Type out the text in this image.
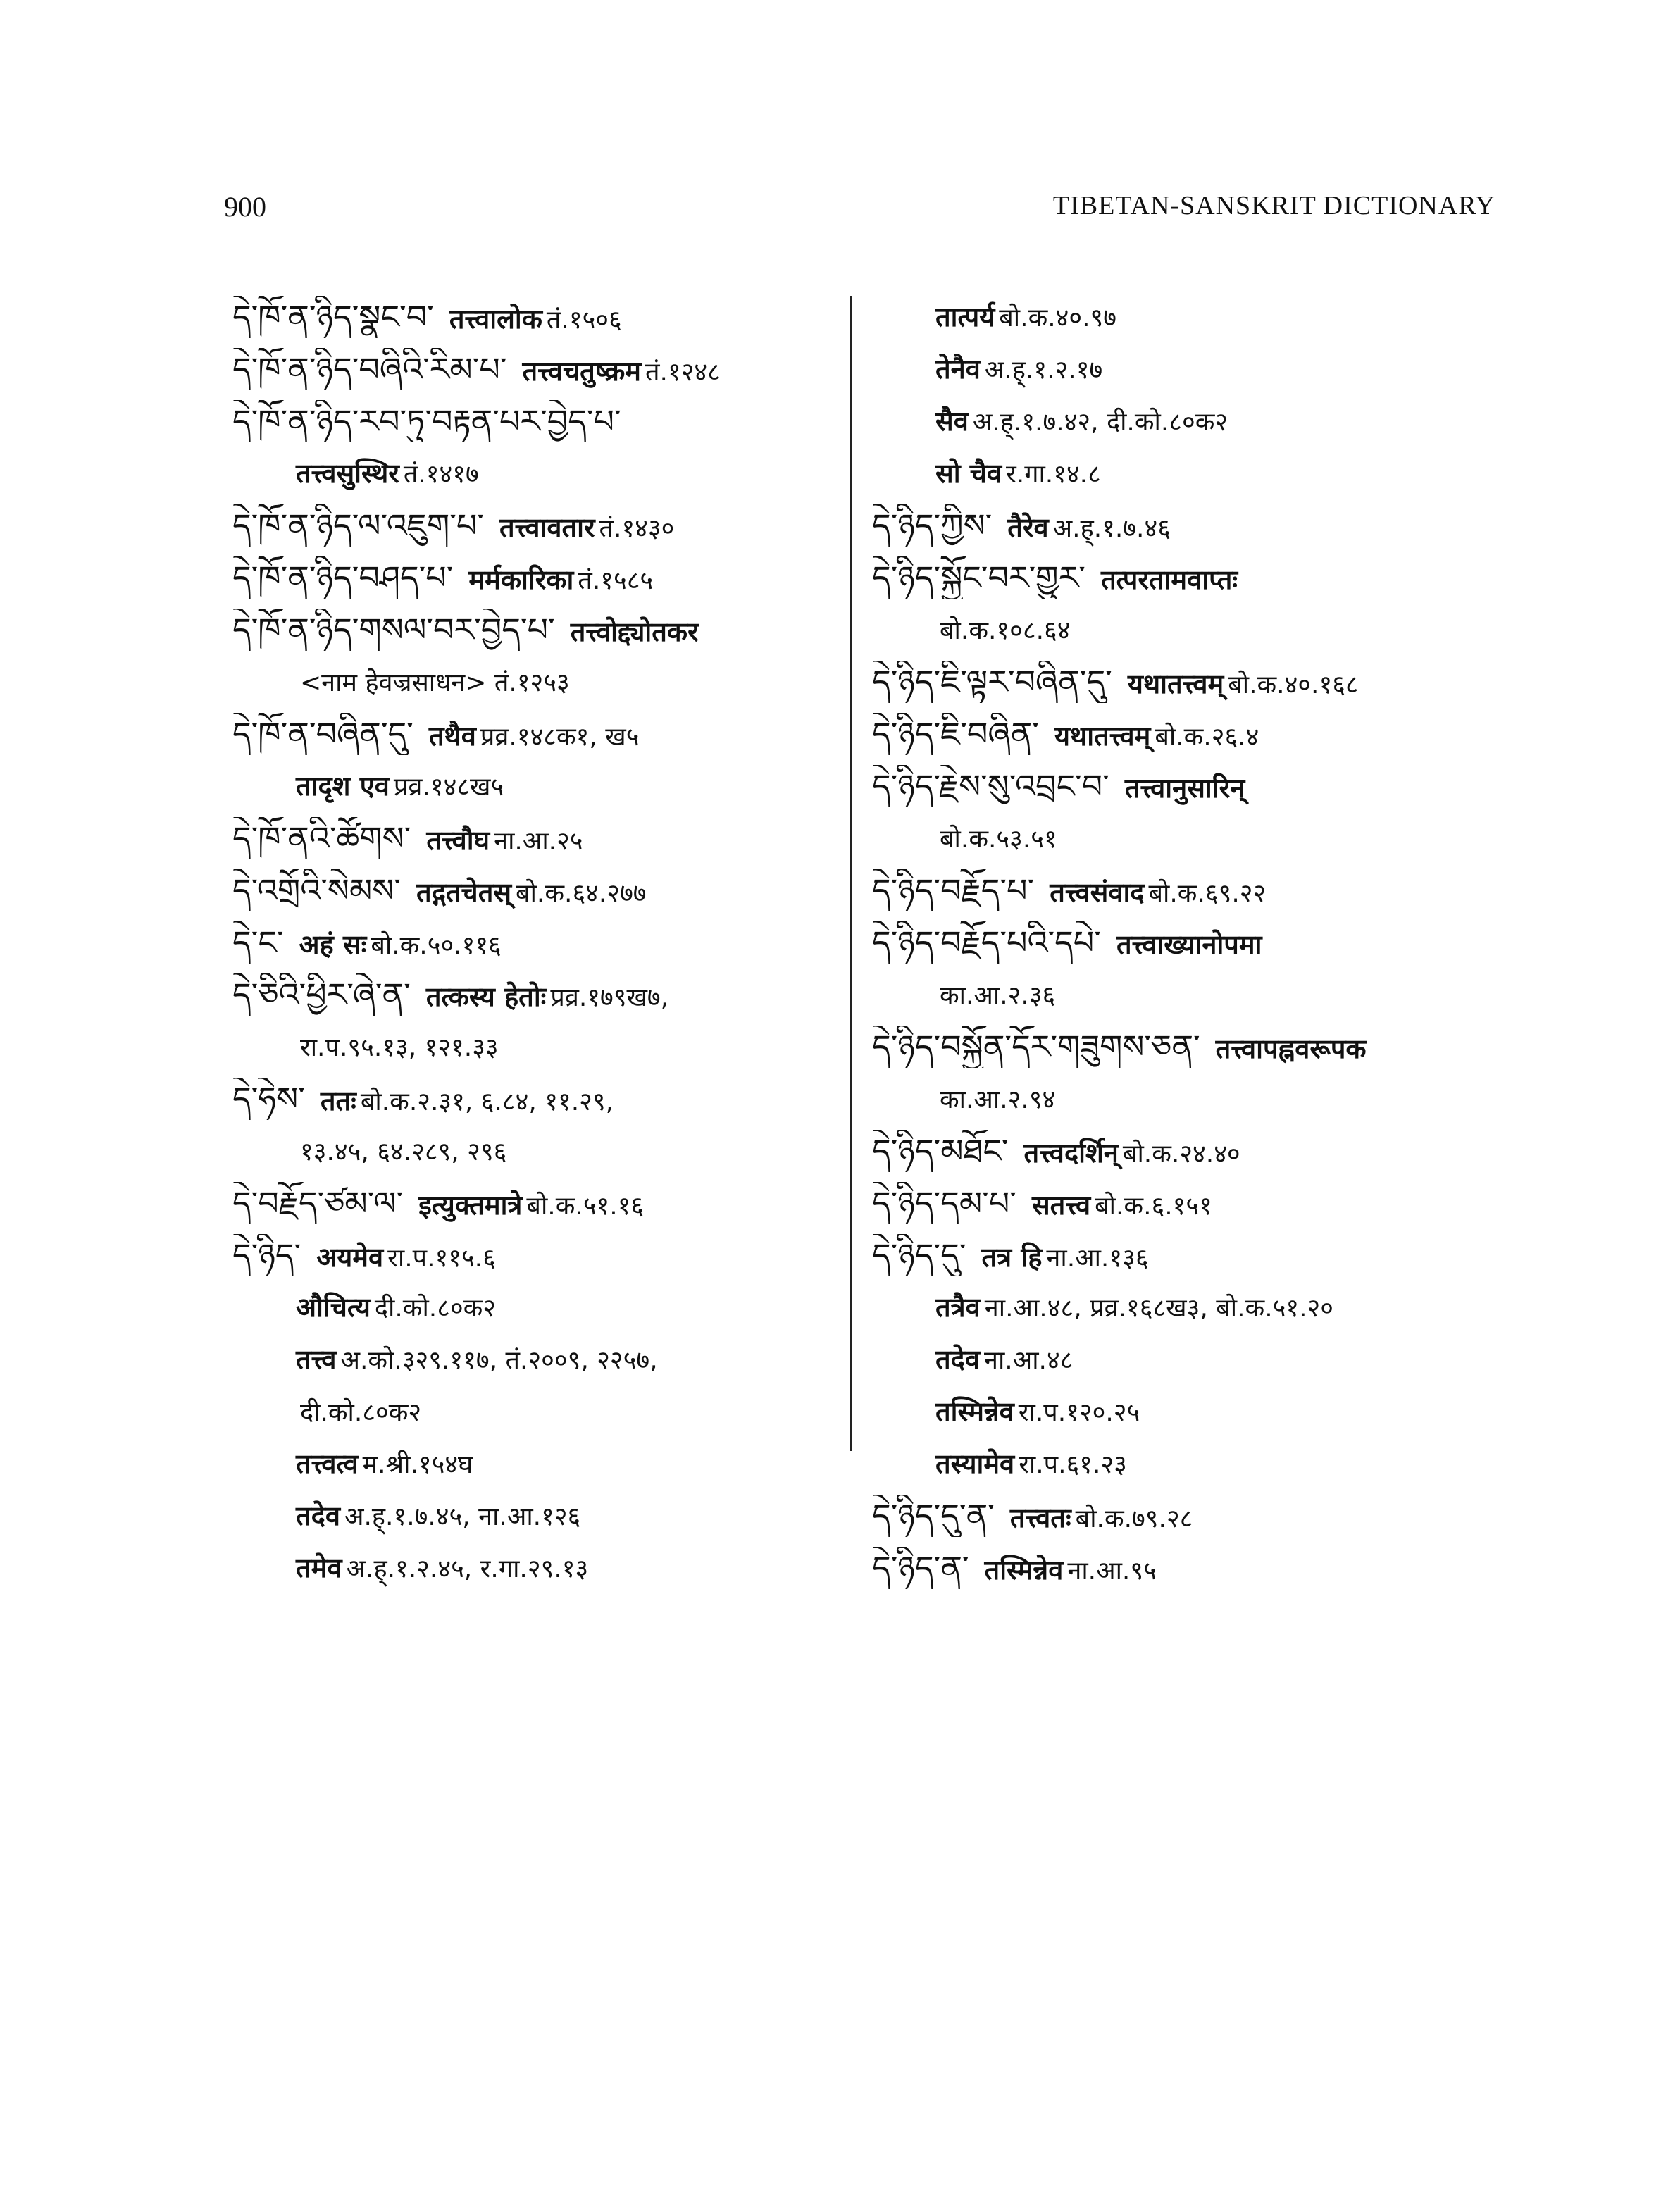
900	TIBETAN-SANSKRIT DICTIONARY
དེ་ཁོ་ན་ཉིད་སྣང་བ་ तत्त्वालोक तं.१५०६
དེ་ཁོ་ན་ཉིད་བཞིའི་རིམ་པ་ तत्त्वचतुष्क्रम तं.१२४८
དེ་ཁོ་ན་ཉིད་རབ་ཏུ་བརྟན་པར་བྱེད་པ་
तत्त्वसुस्थिर तं.१४१७
དེ་ཁོ་ན་ཉིད་ལ་འཇུག་པ་ तत्त्वावतार तं.१४३०
དེ་ཁོ་ན་ཉིད་བཤད་པ་ मर्मकारिका तं.१५८५
དེ་ཁོ་ན་ཉིད་གསལ་བར་བྱེད་པ་ तत्त्वोद्द्योतकर
<नाम हेवज्रसाधन> तं.१२५३
དེ་ཁོ་ན་བཞིན་དུ་ तथैव प्रव्र.१४८क१, ख५
तादृश एव प्रव्र.१४८ख५
དེ་ཁོ་ནའི་ཚོགས་ तत्त्वौघ ना.आ.२५
དེ་འགྲོའི་སེམས་ तद्गतचेतस् बो.क.६४.२७७
དེ་ང་ अहं सः बो.क.५०.११६
དེ་ཅིའི་ཕྱིར་ཞེ་ན་ तत्कस्य हेतोः प्रव्र.१७९ख७,
रा.प.९५.१३, १२१.३३
དེ་ཧེས་ ततः बो.क.२.३१, ६.८४, ११.२९,
१३.४५, ६४.२८९, २९६
དེ་བརྗོད་ཙམ་ལ་ इत्युक्तमात्रे बो.क.५१.१६
དེ་ཉིད་ अयमेव रा.प.११५.६
औचित्य दी.को.८०क२
तत्त्व अ.को.३२९.११७, तं.२००९, २२५७,
दी.को.८०क२
तत्त्वत्व म.श्री.१५४घ
तदेव अ.ह्.१.७.४५, ना.आ.१२६
तमेव अ.ह्.१.२.४५, र.गा.२९.१३
तात्पर्य बो.क.४०.९७
तेनैव अ.ह्.१.२.१७
सैव अ.ह्.१.७.४२, दी.को.८०क२
सो चैव र.गा.१४.८
དེ་ཉིད་ཀྱིས་ तैरेव अ.ह्.१.७.४६
དེ་ཉིད་སྐྱོང་བར་གྱུར་ तत्परतामवाप्तः
बो.क.१०८.६४
དེ་ཉིད་ཇི་ལྟར་བཞིན་དུ་ यथातत्त्वम् बो.क.४०.१६८
དེ་ཉིད་ཇི་བཞིན་ यथातत्त्वम् बो.क.२६.४
དེ་ཉིད་རྗེས་སུ་འབྲང་བ་ तत्त्वानुसारिन्
बो.क.५३.५१
དེ་ཉིད་བརྗོད་པ་ तत्त्वसंवाद बो.क.६९.२२
དེ་ཉིད་བརྗོད་པའི་དཔེ་ तत्त्वाख्यानोपमा
का.आ.२.३६
དེ་ཉིད་བསྐྱོན་དོར་གཟུགས་ཅན་ तत्त्वापह्नवरूपक
का.आ.२.९४
དེ་ཉིད་མཐོང་ तत्त्वदर्शिन् बो.क.२४.४०
དེ་ཉིད་དམ་པ་ सतत्त्व बो.क.६.१५१
དེ་ཉིད་དུ་ तत्र हि ना.आ.१३६
तत्रैव ना.आ.४८, प्रव्र.१६८ख३, बो.क.५१.२०
तदेव ना.आ.४८
तस्मिन्नेव रा.प.१२०.२५
तस्यामेव रा.प.६१.२३
དེ་ཉིད་དུ་ན་ तत्त्वतः बो.क.७९.२८
དེ་ཉིད་ན་ तस्मिन्नेव ना.आ.९५
